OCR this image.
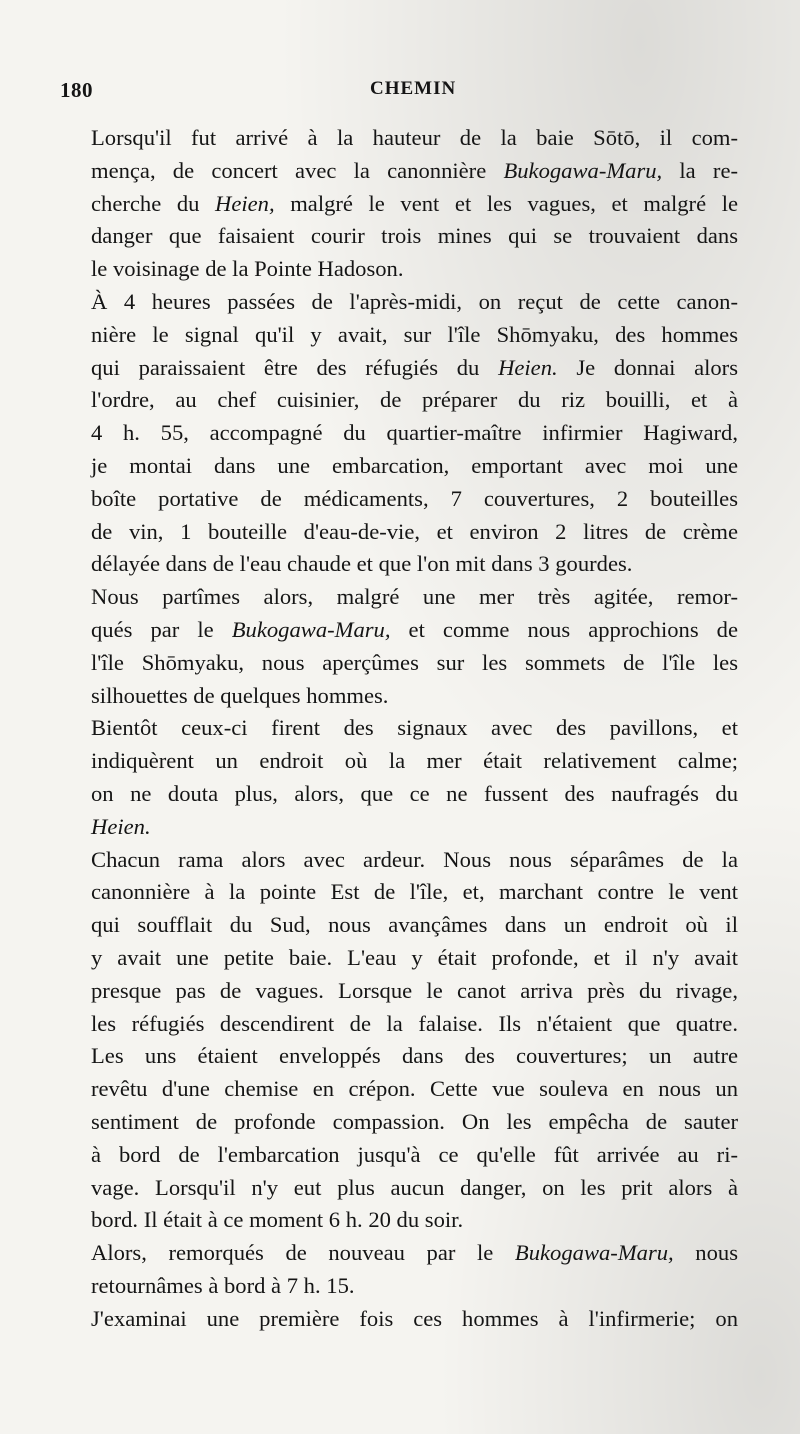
180	CHEMIN

Lorsqu'il fut arrivé à la hauteur de la baie Sōtō, il com-
mença, de concert avec la canonnière Bukogawa-Maru, la re-
cherche du Heien, malgré le vent et les vagues, et malgré le
danger que faisaient courir trois mines qui se trouvaient dans
le voisinage de la Pointe Hadoson.

À 4 heures passées de l'après-midi, on reçut de cette canon-
nière le signal qu'il y avait, sur l'île Shōmyaku, des hommes
qui paraissaient être des réfugiés du Heien. Je donnai alors
l'ordre, au chef cuisinier, de préparer du riz bouilli, et à
4 h. 55, accompagné du quartier-maître infirmier Hagiward,
je montai dans une embarcation, emportant avec moi une
boîte portative de médicaments, 7 couvertures, 2 bouteilles
de vin, 1 bouteille d'eau-de-vie, et environ 2 litres de crème
délayée dans de l'eau chaude et que l'on mit dans 3 gourdes.

Nous partîmes alors, malgré une mer très agitée, remor-
qués par le Bukogawa-Maru, et comme nous approchions de
l'île Shōmyaku, nous aperçûmes sur les sommets de l'île les
silhouettes de quelques hommes.

Bientôt ceux-ci firent des signaux avec des pavillons, et
indiquèrent un endroit où la mer était relativement calme;
on ne douta plus, alors, que ce ne fussent des naufragés du
Heien.

Chacun rama alors avec ardeur. Nous nous séparâmes de la
canonnière à la pointe Est de l'île, et, marchant contre le vent
qui soufflait du Sud, nous avançâmes dans un endroit où il
y avait une petite baie. L'eau y était profonde, et il n'y avait
presque pas de vagues. Lorsque le canot arriva près du rivage,
les réfugiés descendirent de la falaise. Ils n'étaient que quatre.
Les uns étaient enveloppés dans des couvertures; un autre
revêtu d'une chemise en crépon. Cette vue souleva en nous un
sentiment de profonde compassion. On les empêcha de sauter
à bord de l'embarcation jusqu'à ce qu'elle fût arrivée au ri-
vage. Lorsqu'il n'y eut plus aucun danger, on les prit alors à
bord. Il était à ce moment 6 h. 20 du soir.

Alors, remorqués de nouveau par le Bukogawa-Maru, nous
retournâmes à bord à 7 h. 15.

J'examinai une première fois ces hommes à l'infirmerie; on
